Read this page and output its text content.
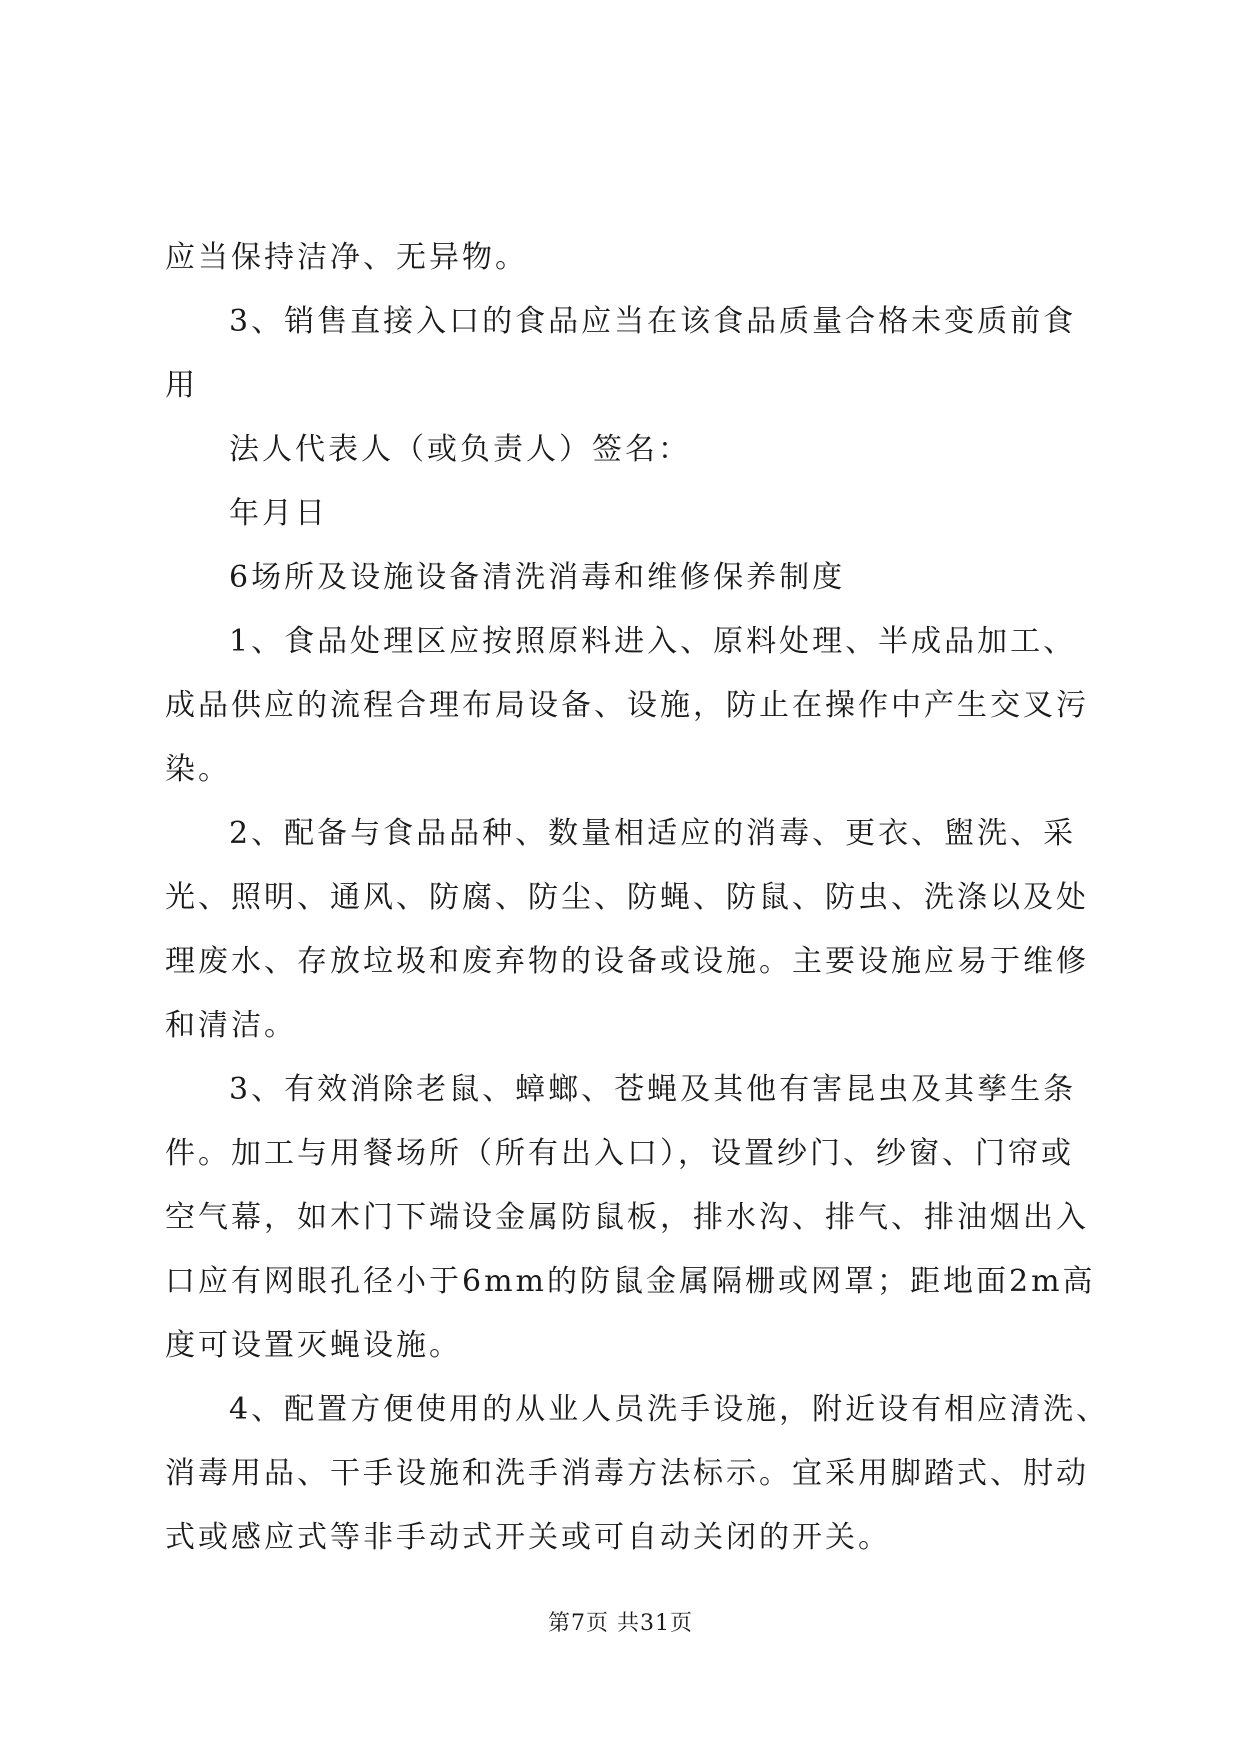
应当保持洁净、无异物。
3、销售直接入口的食品应当在该食品质量合格未变质前食
用
法人代表人（或负责人）签名：
年月日
6场所及设施设备清洗消毒和维修保养制度
1、食品处理区应按照原料进入、原料处理、半成品加工、
成品供应的流程合理布局设备、设施，防止在操作中产生交叉污
染。
2、配备与食品品种、数量相适应的消毒、更衣、盥洗、采
光、照明、通风、防腐、防尘、防蝇、防鼠、防虫、洗涤以及处
理废水、存放垃圾和废弃物的设备或设施。主要设施应易于维修
和清洁。
3、有效消除老鼠、蟑螂、苍蝇及其他有害昆虫及其孳生条
件。加工与用餐场所（所有出入口），设置纱门、纱窗、门帘或
空气幕，如木门下端设金属防鼠板，排水沟、排气、排油烟出入
口应有网眼孔径小于6mm的防鼠金属隔栅或网罩；距地面2m高
度可设置灭蝇设施。
4、配置方便使用的从业人员洗手设施，附近设有相应清洗、
消毒用品、干手设施和洗手消毒方法标示。宜采用脚踏式、肘动
式或感应式等非手动式开关或可自动关闭的开关。
第7页 共31页
